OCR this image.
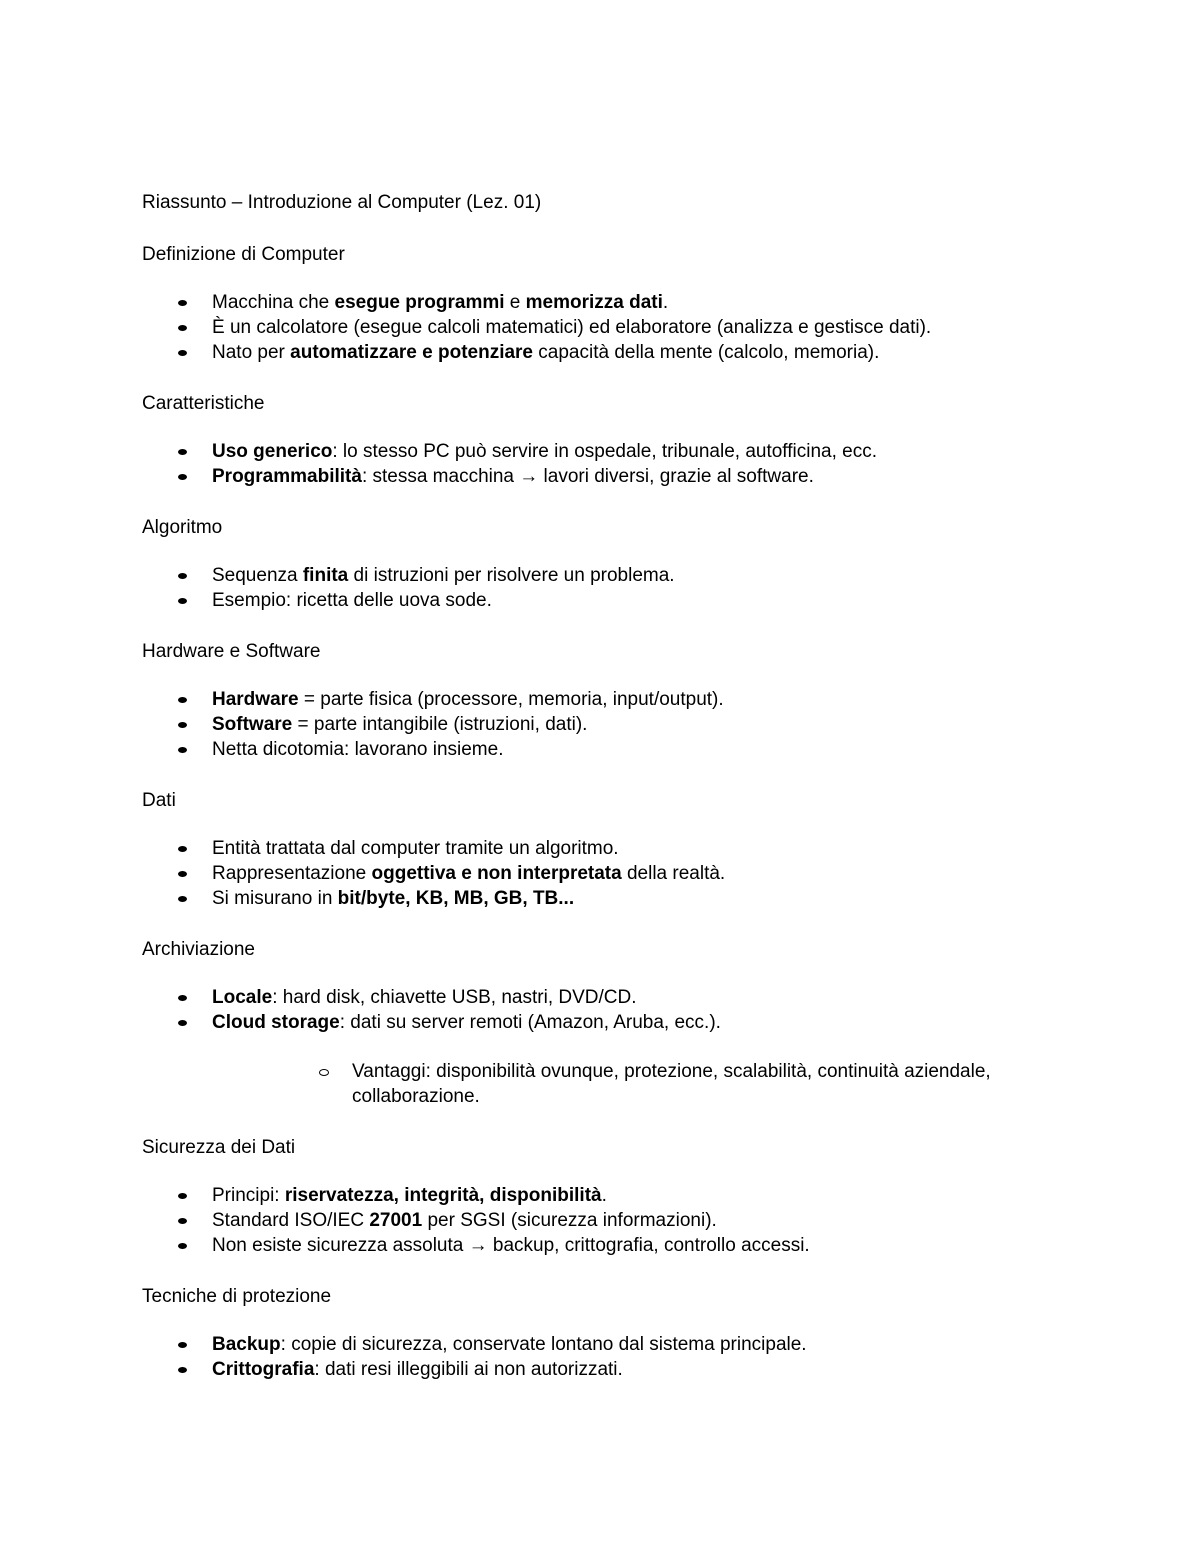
Riassunto – Introduzione al Computer (Lez. 01)
Definizione di Computer
Macchina che esegue programmi e memorizza dati.
È un calcolatore (esegue calcoli matematici) ed elaboratore (analizza e gestisce dati).
Nato per automatizzare e potenziare capacità della mente (calcolo, memoria).
Caratteristiche
Uso generico: lo stesso PC può servire in ospedale, tribunale, autofficina, ecc.
Programmabilità: stessa macchina → lavori diversi, grazie al software.
Algoritmo
Sequenza finita di istruzioni per risolvere un problema.
Esempio: ricetta delle uova sode.
Hardware e Software
Hardware = parte fisica (processore, memoria, input/output).
Software = parte intangibile (istruzioni, dati).
Netta dicotomia: lavorano insieme.
Dati
Entità trattata dal computer tramite un algoritmo.
Rappresentazione oggettiva e non interpretata della realtà.
Si misurano in bit/byte, KB, MB, GB, TB...
Archiviazione
Locale: hard disk, chiavette USB, nastri, DVD/CD.
Cloud storage: dati su server remoti (Amazon, Aruba, ecc.).
Vantaggi: disponibilità ovunque, protezione, scalabilità, continuità aziendale, collaborazione.
Sicurezza dei Dati
Principi: riservatezza, integrità, disponibilità.
Standard ISO/IEC 27001 per SGSI (sicurezza informazioni).
Non esiste sicurezza assoluta → backup, crittografia, controllo accessi.
Tecniche di protezione
Backup: copie di sicurezza, conservate lontano dal sistema principale.
Crittografia: dati resi illeggibili ai non autorizzati.
